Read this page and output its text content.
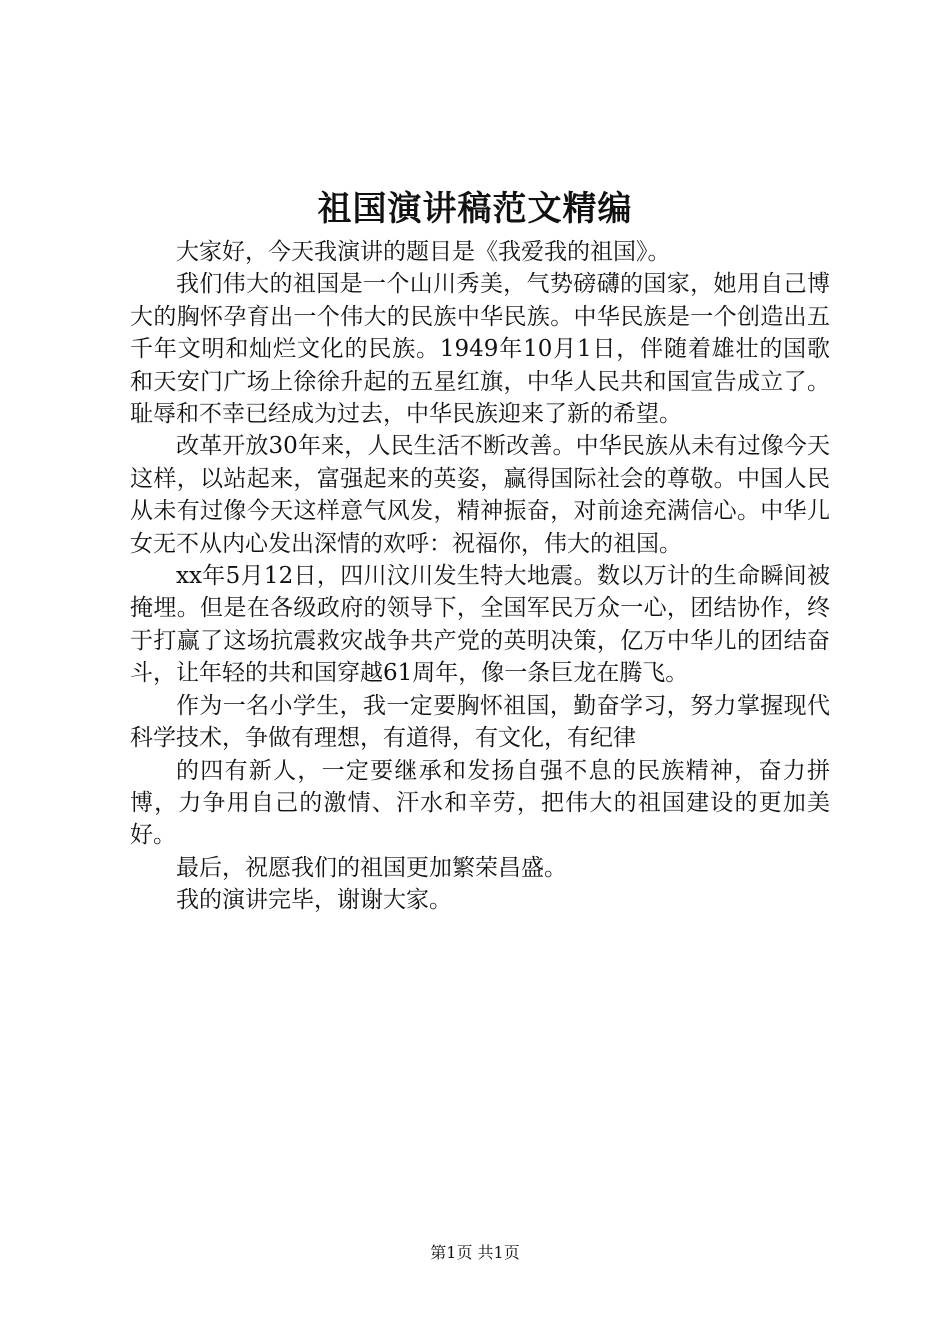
祖国演讲稿范文精编

大家好，今天我演讲的题目是《我爱我的祖国》。

我们伟大的祖国是一个山川秀美，气势磅礴的国家，她用自己博大的胸怀孕育出一个伟大的民族中华民族。中华民族是一个创造出五千年文明和灿烂文化的民族。1949年10月1日，伴随着雄壮的国歌和天安门广场上徐徐升起的五星红旗，中华人民共和国宣告成立了。耻辱和不幸已经成为过去，中华民族迎来了新的希望。

改革开放30年来，人民生活不断改善。中华民族从未有过像今天这样，以站起来，富强起来的英姿，赢得国际社会的尊敬。中国人民从未有过像今天这样意气风发，精神振奋，对前途充满信心。中华儿女无不从内心发出深情的欢呼：祝福你，伟大的祖国。

xx年5月12日，四川汶川发生特大地震。数以万计的生命瞬间被掩埋。但是在各级政府的领导下，全国军民万众一心，团结协作，终于打赢了这场抗震救灾战争共产党的英明决策，亿万中华儿的团结奋斗，让年轻的共和国穿越61周年，像一条巨龙在腾飞。

作为一名小学生，我一定要胸怀祖国，勤奋学习，努力掌握现代科学技术，争做有理想，有道得，有文化，有纪律

的四有新人，一定要继承和发扬自强不息的民族精神，奋力拼博，力争用自己的激情、汗水和辛劳，把伟大的祖国建设的更加美好。

最后，祝愿我们的祖国更加繁荣昌盛。

我的演讲完毕，谢谢大家。

第1页 共1页
